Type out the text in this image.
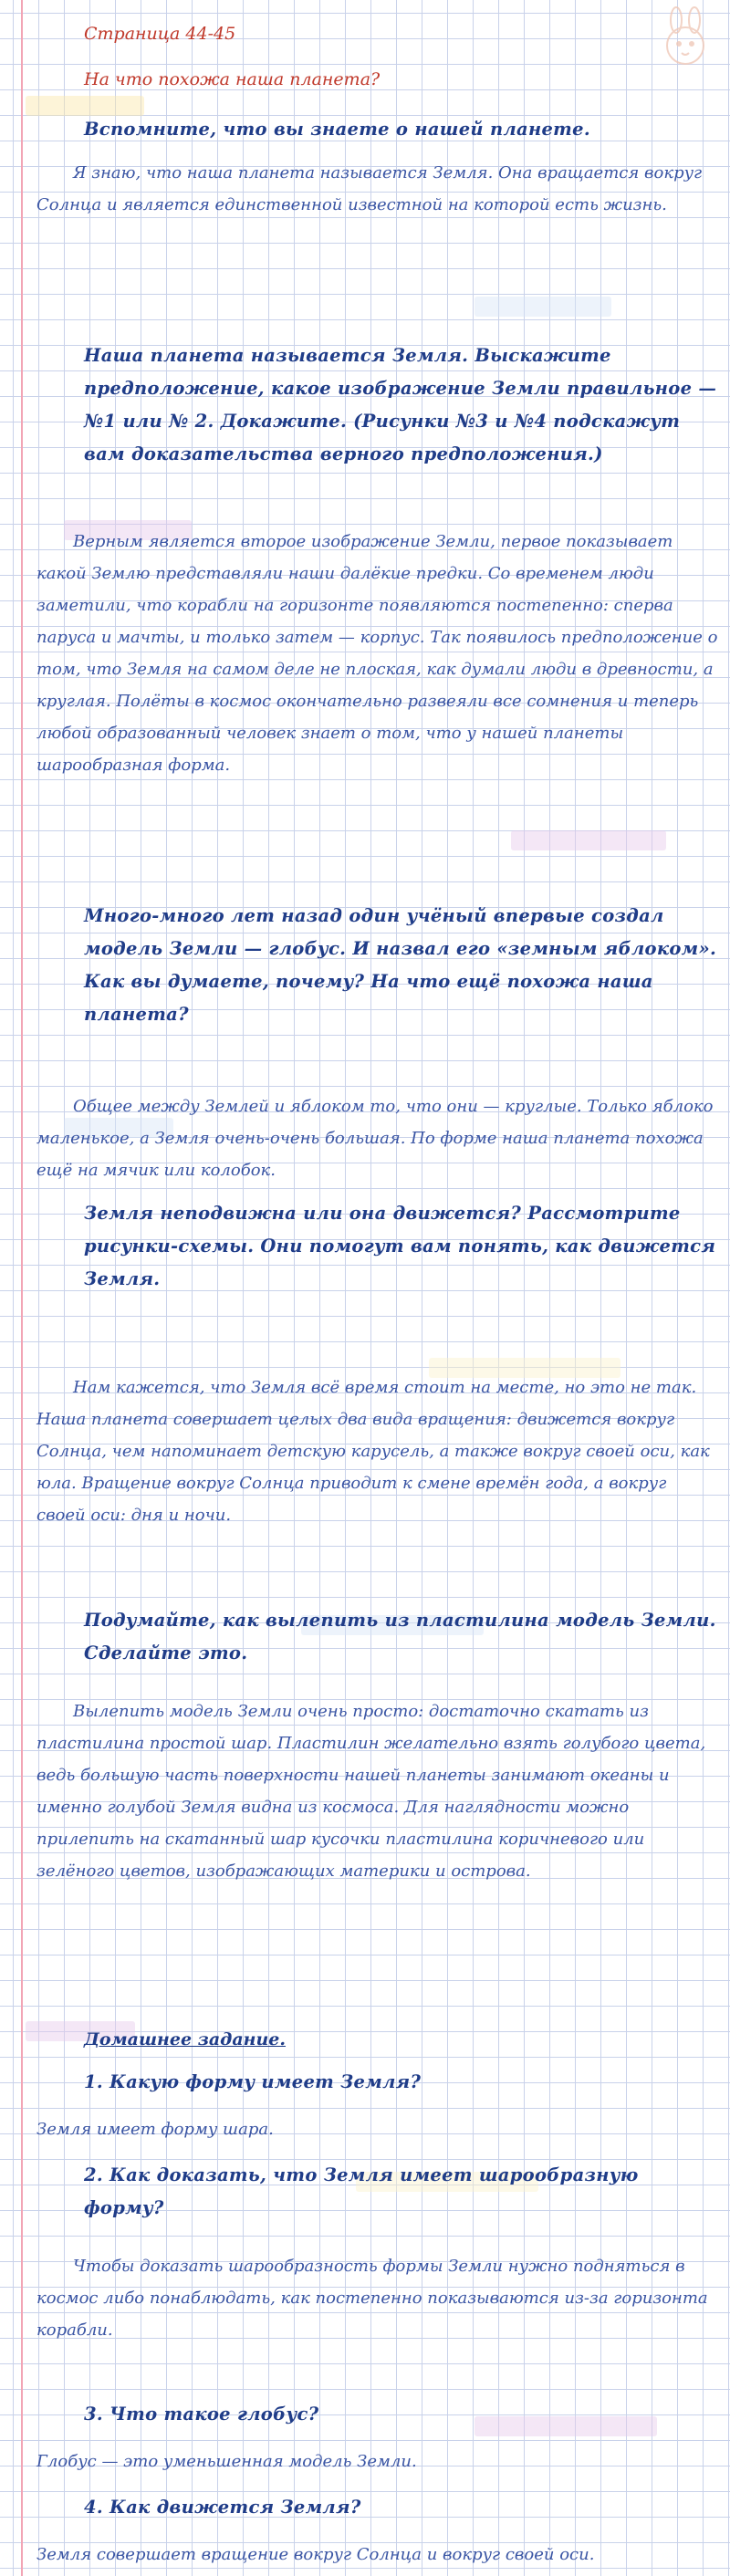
Страница 44-45

На что похожа наша планета?

Вспомните, что вы знаете о нашей планете.

Я знаю, что наша планета называется Земля. Она вращается вокруг Солнца и является единственной известной на которой есть жизнь.

Наша планета называется Земля. Выскажите предположение, какое изображение Земли правильное — №1 или № 2. Докажите. (Рисунки №3 и №4 подскажут вам доказательства верного предположения.)

Верным является второе изображение Земли, первое показывает какой Землю представляли наши далёкие предки. Со временем люди заметили, что корабли на горизонте появляются постепенно: сперва паруса и мачты, и только затем — корпус. Так появилось предположение о том, что Земля на самом деле не плоская, как думали люди в древности, а круглая. Полёты в космос окончательно развеяли все сомнения и теперь любой образованный человек знает о том, что у нашей планеты шарообразная форма.

Много-много лет назад один учёный впервые создал модель Земли — глобус. И назвал его «земным яблоком». Как вы думаете, почему? На что ещё похожа наша планета?

Общее между Землей и яблоком то, что они — круглые. Только яблоко маленькое, а Земля очень-очень большая. По форме наша планета похожа ещё на мячик или колобок.

Земля неподвижна или она движется? Рассмотрите рисунки-схемы. Они помогут вам понять, как движется Земля.

Нам кажется, что Земля всё время стоит на месте, но это не так. Наша планета совершает целых два вида вращения: движется вокруг Солнца, чем напоминает детскую карусель, а также вокруг своей оси, как юла. Вращение вокруг Солнца приводит к смене времён года, а вокруг своей оси: дня и ночи.

Подумайте, как вылепить из пластилина модель Земли. Сделайте это.

Вылепить модель Земли очень просто: достаточно скатать из пластилина простой шар. Пластилин желательно взять голубого цвета, ведь большую часть поверхности нашей планеты занимают океаны и именно голубой Земля видна из космоса. Для наглядности можно прилепить на скатанный шар кусочки пластилина коричневого или зелёного цветов, изображающих материки и острова.

Домашнее задание.

1. Какую форму имеет Земля?

Земля имеет форму шара.

2. Как доказать, что Земля имеет шарообразную форму?

Чтобы доказать шарообразность формы Земли нужно подняться в космос либо понаблюдать, как постепенно показываются из-за горизонта корабли.

3. Что такое глобус?

Глобус — это уменьшенная модель Земли.

4. Как движется Земля?

Земля совершает вращение вокруг Солнца и вокруг своей оси.
